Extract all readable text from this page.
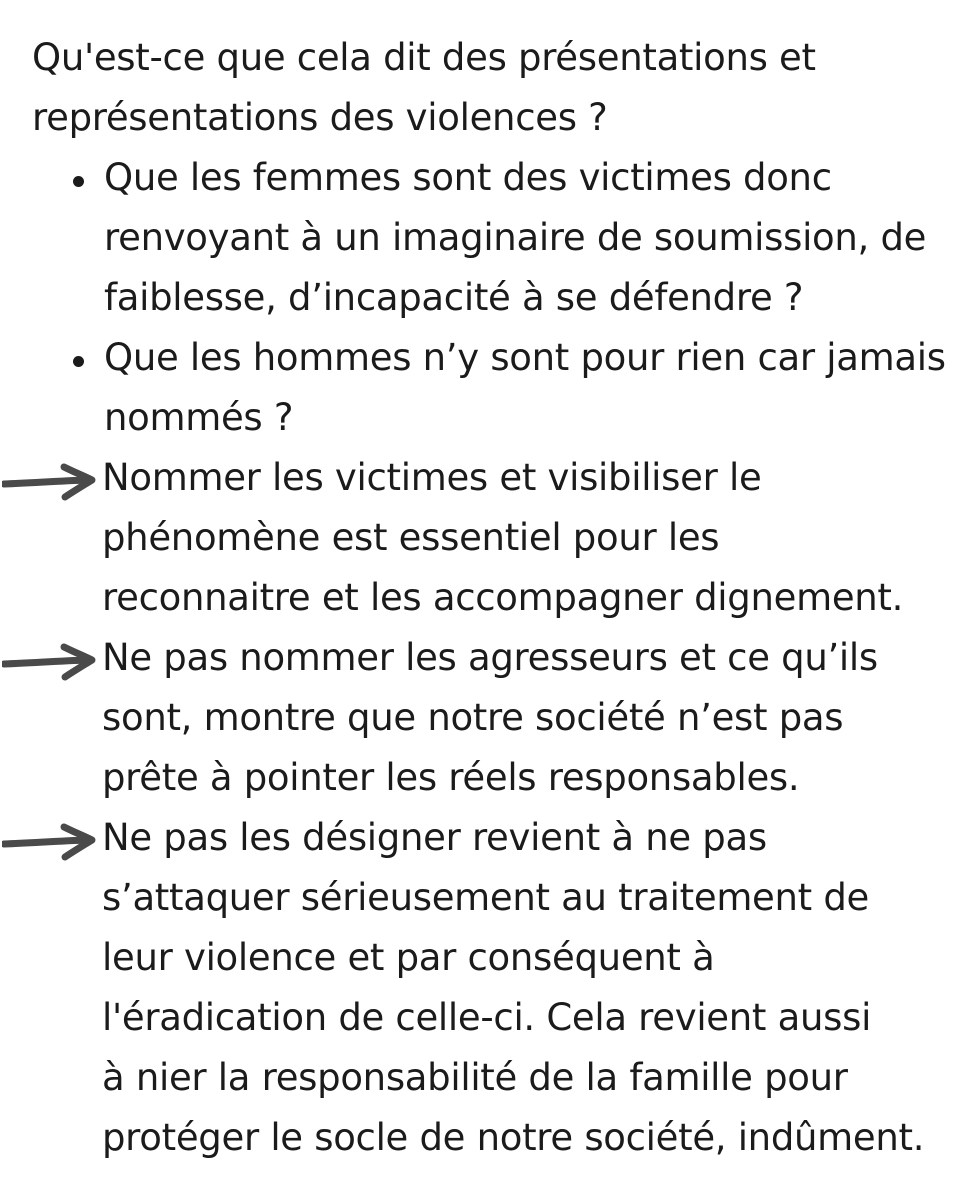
Qu'est-ce que cela dit des présentations et
représentations des violences ?
Que les femmes sont des victimes donc
renvoyant à un imaginaire de soumission, de
faiblesse, d’incapacité à se défendre ?
Que les hommes n’y sont pour rien car jamais
nommés ?
Nommer les victimes et visibiliser le
phénomène est essentiel pour les
reconnaitre et les accompagner dignement.
Ne pas nommer les agresseurs et ce qu’ils
sont, montre que notre société n’est pas
prête à pointer les réels responsables.
Ne pas les désigner revient à ne pas
s’attaquer sérieusement au traitement de
leur violence et par conséquent à
l'éradication de celle-ci. Cela revient aussi
à nier la responsabilité de la famille pour
protéger le socle de notre société, indûment.
